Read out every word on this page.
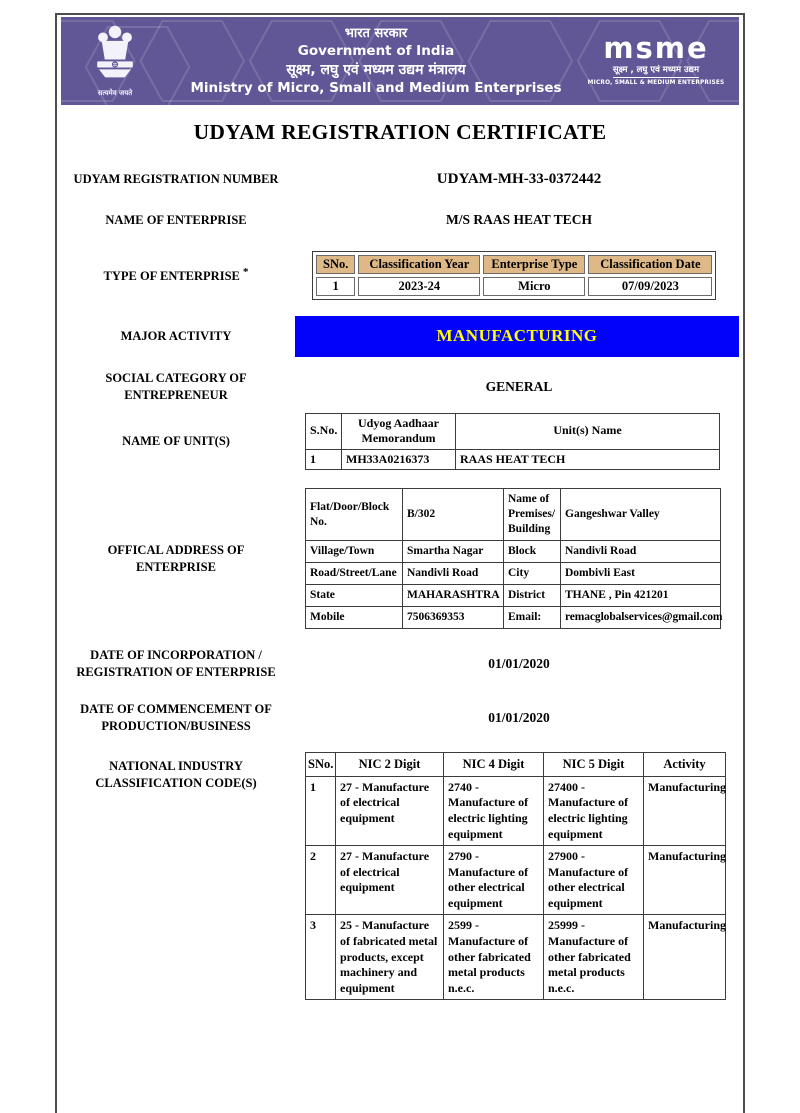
सत्यमेव जयते
भारत सरकार
Government of India
सूक्ष्म, लघु एवं मध्यम उद्यम मंत्रालय
Ministry of Micro, Small and Medium Enterprises
msme
सूक्ष्म , लघु एवं मध्यम उद्यम
MICRO, SMALL & MEDIUM ENTERPRISES
UDYAM REGISTRATION CERTIFICATE
UDYAM REGISTRATION NUMBER	UDYAM-MH-33-0372442
NAME OF ENTERPRISE	M/S RAAS HEAT TECH
TYPE OF ENTERPRISE *
SNo.	Classification Year	Enterprise Type	Classification Date
1	2023-24	Micro	07/09/2023
MAJOR ACTIVITY	MANUFACTURING
SOCIAL CATEGORY OF ENTREPRENEUR
GENERAL
NAME OF UNIT(S)
S.No.	Udyog Aadhaar Memorandum	Unit(s) Name
1	MH33A0216373	RAAS HEAT TECH
OFFICAL ADDRESS OF ENTERPRISE
Flat/Door/Block No.	B/302	Name of Premises/ Building	Gangeshwar Valley
Village/Town	Smartha Nagar	Block	Nandivli Road
Road/Street/Lane	Nandivli Road	City	Dombivli East
State	MAHARASHTRA	District	THANE , Pin 421201
Mobile	7506369353	Email:	remacglobalservices@gmail.com
DATE OF INCORPORATION / REGISTRATION OF ENTERPRISE
01/01/2020
DATE OF COMMENCEMENT OF PRODUCTION/BUSINESS
01/01/2020
NATIONAL INDUSTRY CLASSIFICATION CODE(S)
SNo.	NIC 2 Digit	NIC 4 Digit	NIC 5 Digit	Activity
1	27 - Manufacture of electrical equipment	2740 - Manufacture of electric lighting equipment	27400 - Manufacture of electric lighting equipment	Manufacturing
2	27 - Manufacture of electrical equipment	2790 - Manufacture of other electrical equipment	27900 - Manufacture of other electrical equipment	Manufacturing
3	25 - Manufacture of fabricated metal products, except machinery and equipment	2599 - Manufacture of other fabricated metal products n.e.c.	25999 - Manufacture of other fabricated metal products n.e.c.	Manufacturing
